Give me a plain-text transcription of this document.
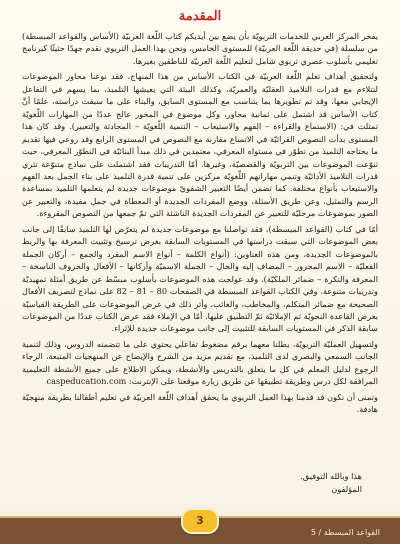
المقدمة

يفخر المركز العربي للخدمات التربويّة بأن يضع بين أيديكم كتاب اللّغة العربيّة (الأساس والقواعد المبسطة) من سلسلة (في حديقة اللّغة العربيّة) للمستوى الخامس، ونحن بهذا العمل التربوي نقدم جهدًا حثيثًا كبرنامج تعليمي بأسلوب عصري تربوي شامل لتعليم اللّغة العربيّة للناطقين بغيرها.

ولتحقيق أهداف تعلم اللّغة العربيّة في الكتاب الأساس من هذا المنهاج، فقد نوعنا محاور الموضوعات لتتلاءم مع قدرات التلاميذ العقليّة والعمريّة، وكذلك البيئة التي يعيشها التلميذ، بما يسهم في التفاعل الإيجابي معها، وقد تم تطويرها بما يتناسب مع المستوى السابق، والبناء على ما سبقت دراسته، علمًا أنَّ كتاب الأساس قد اشتمل على ثمانية محاور، وكل موضوع في المحور عالج عددًا من المهارات اللّغويّة تمثلت في: (الاستماع والقراءة – الفهم والاستيعاب – التنمية اللّغويّة – المحادثة والتعبير). وقد كان هذا المستوى بدأت النصوص القرائيّة في الاتساع مقارنة مع النصوص في المستوى الرابع وقد روعي فيها تقديم ما يحتاجه التلميذ من تطوّر في مستواه المعرفي، معتمدين في ذلك مبدأ البنائيّة في التطوّر المعرفي، حيث تنوّعت الموضوعات بين التربويّة والقصصيّة، وغيرها. أمّا التدريبات فقد اشتملت على نماذج متنوّعة تثري قدرات التلاميذ الأدائيّة وتنمي مهاراتهم اللّغويّة مركزين على تنمية قدرة التلميذ على بناء الجمل بعد الفهم والاستيعاب بأنواع مختلفة. كما تضمن أيضًا التعبير الشفويّ موضوعات جديدة لم يتعلمها التلميذ بمساعدة الرسم والتمثيل، وعن طريق الأسئلة، ووضع المفردات الجديدة أو المعطاة في جمل مفيدة، والتعبير عن الصور بموضوعات مرحليّة للتعبير عن المفردات الجديدة الناشئة التي تمّ جمعها من النصوص المقروءة.

أمّا في كتاب (القواعد المبسطة)، فقد تواصلنا مع موضوعات جديدة لم يتعرّض لها التلميذ سابقًا إلى جانب بعض الموضوعات التي سبقت دراستها في المستويات السابقة بغرض ترسيخ وتثبيت المعرفة بها والربط بالموضوعات الجديدة، ومن هذه العناوين: (أنواع الكلمة – أنواع الاسم المفرد والجمع – أركان الجملة الفعليّة – الاسم المجرور – المضاف إليه والحال – الجملة الاسميّة وأركانها – الأفعال والحروف الناسخة – المعرفة والنكرة – ضمائر الملكيّة). وقد عولجت هذه الموضوعات بأسلوب مبسّط عن طريق أمثلة تمهيديّة وتدريبات متنوعة. وفي الكتاب القواعد المبسطة في الصفحات 80 – 81 – 82 على نماذج لتصريف الأفعال الصحيحة مع ضمائر المتكلم، والمخاطب، والغائب، وأثر ذلك في عرض الموضوعات على الطريقة القياسيّة بعرض القاعدة النحويّة ثم الإملائيّة ثمّ التطبيق عليها. أمّا في الإملاء فقد عرض الكتاب عددًا من الموضوعات سابقة الذكر في المستويات السابقة للتثبيت إلى جانب موضوعات جديدة للإثراء.

ولتسهيل العمليّة التربويّة، يطلنا معهما برقم مضغوط تفاعلي يحتوي على ما تتضمنه الدروس، وذلك لتنمية الجانب السمعي والبصري لدى التلميذ، مع تقديم مزيد من الشرح والإيضاح عن المنهجيات المتبعة، الرجاء الرجوع لدليل المعلم في كل ما يتعلق بالتدريس والأنشطة، ويمكن الاطلاع على جميع الأنشطة التعليمية المرافقة لكل درس وطريقة تطبيقها عن طريق زيارة موقعنا على الإنترنت: caspeducation.com

وتمنى أن نكون قد قدمنا بهذا العمل التربوي ما يحقق أهداف اللّغة العربيّة في تعليم أطفالنا بطريقة منهجيّة هادفة.

هذا وبالله التوفيق.
المؤلفون
القواعد المبسطة / 5
3
